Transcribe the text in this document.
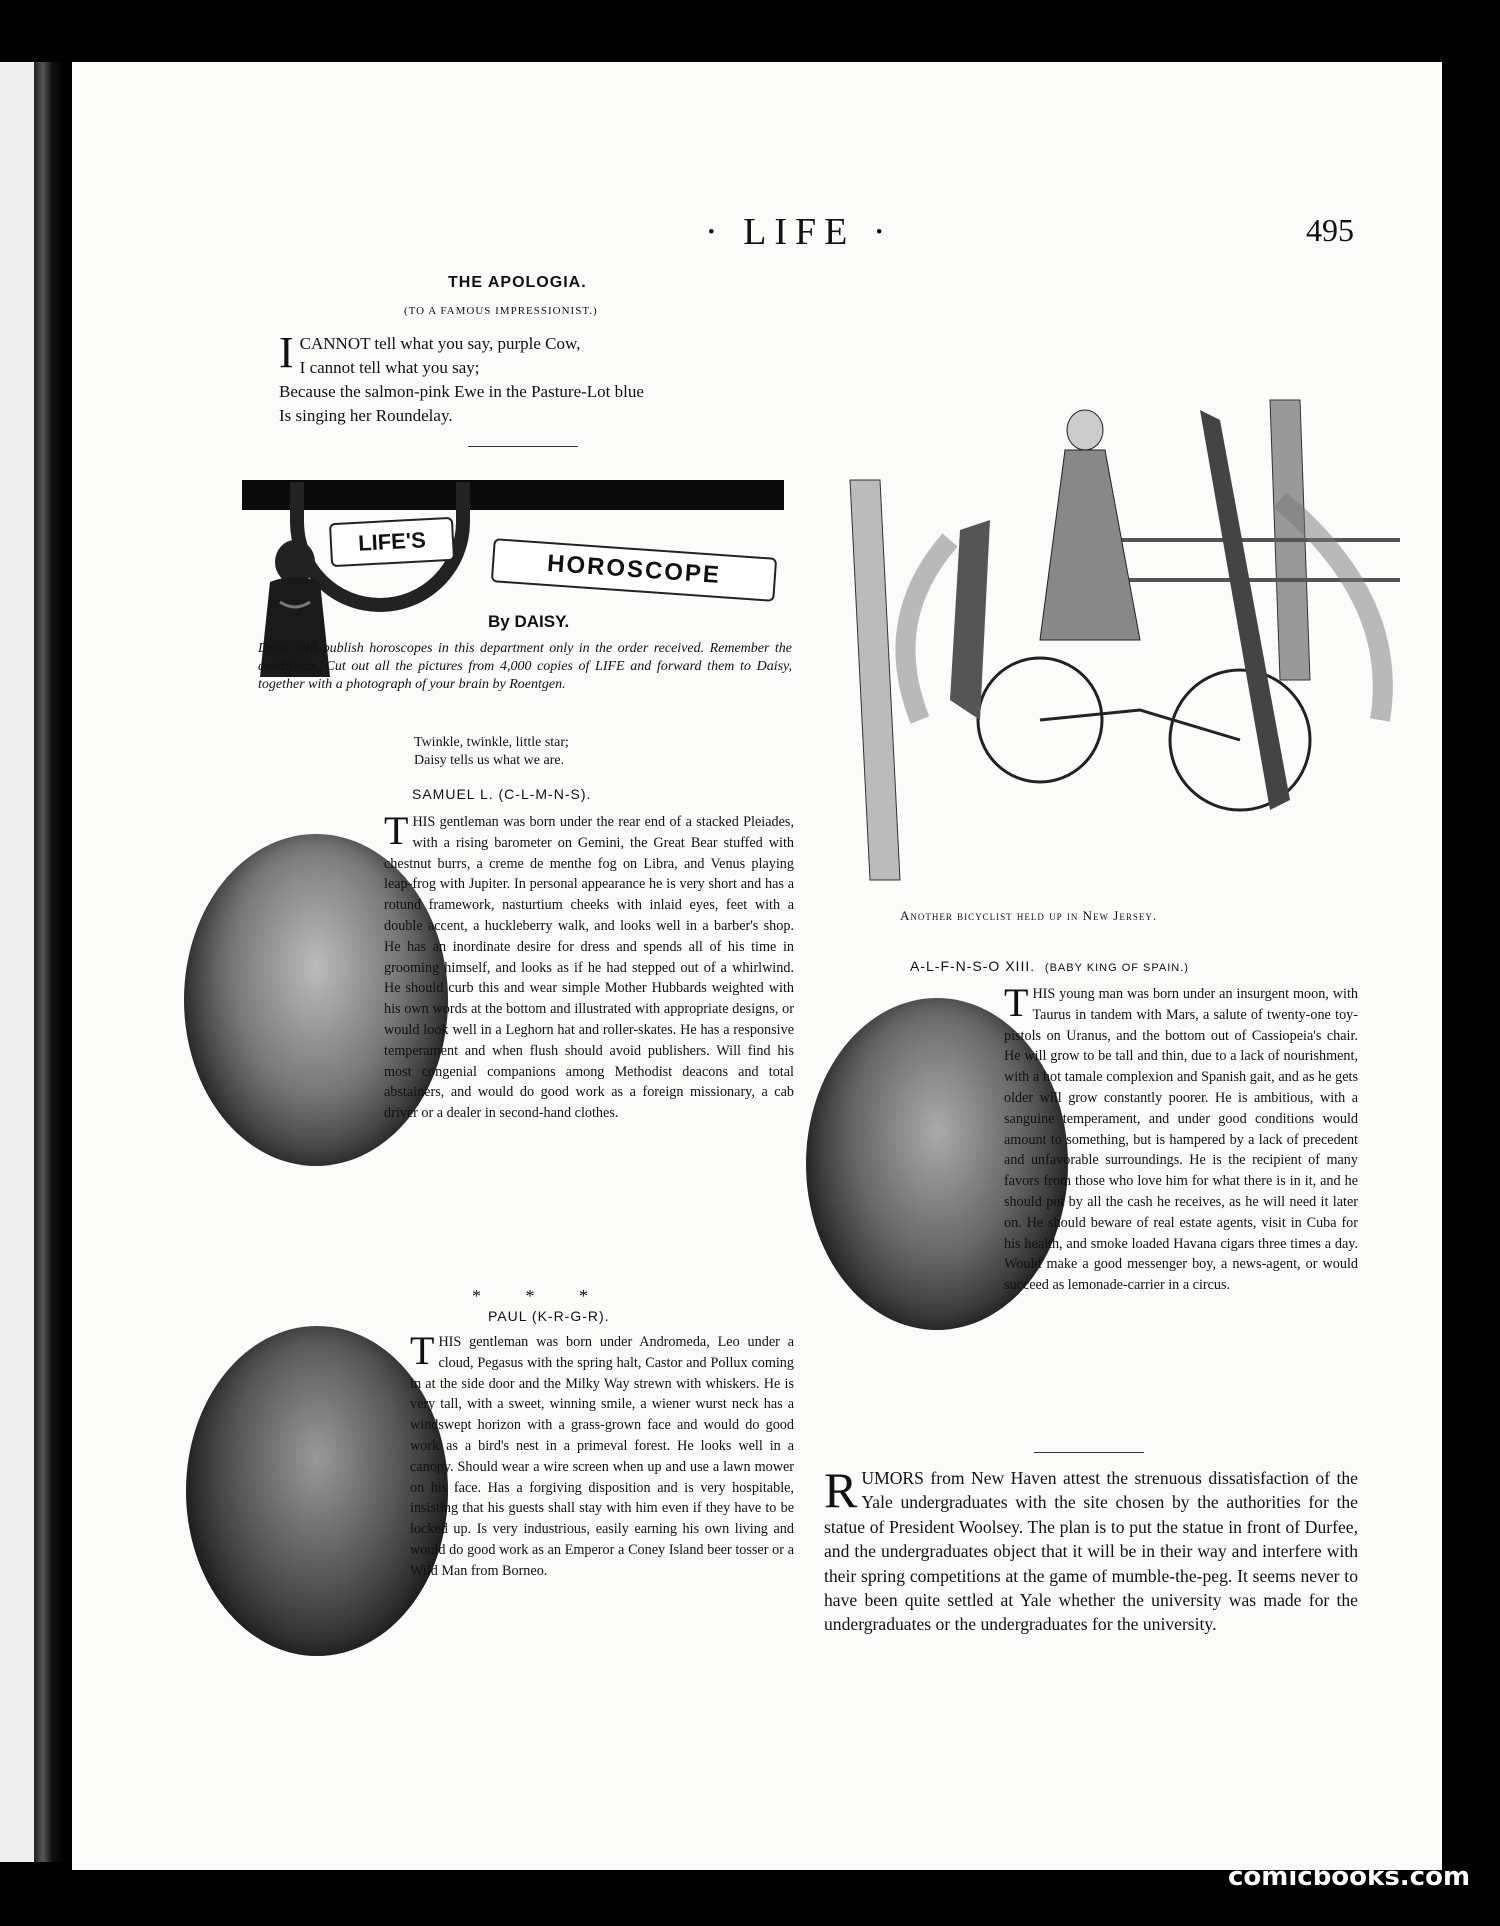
· LIFE ·	495
THE APOLOGIA.
(TO A FAMOUS IMPRESSIONIST.)
I CANNOT tell what you say, purple Cow,
I cannot tell what you say;
Because the salmon-pink Ewe in the Pasture-Lot blue
Is singing her Roundelay.
LIFE'S
HOROSCOPE
By DAISY.
Daisy will publish horoscopes in this department only in the order received. Remember the conditions. Cut out all the pictures from 4,000 copies of LIFE and forward them to Daisy, together with a photograph of your brain by Roentgen.
Twinkle, twinkle, little star;
Daisy tells us what we are.
SAMUEL L. (C-L-M-N-S).
THIS gentleman was born under the rear end of a stacked Pleiades, with a rising barometer on Gemini, the Great Bear stuffed with chestnut burrs, a creme de menthe fog on Libra, and Venus playing leap-frog with Jupiter. In personal appearance he is very short and has a rotund framework, nasturtium cheeks with inlaid eyes, feet with a double accent, a huckleberry walk, and looks well in a barber's shop. He has an inordinate desire for dress and spends all of his time in grooming himself, and looks as if he had stepped out of a whirlwind. He should curb this and wear simple Mother Hubbards weighted with his own words at the bottom and illustrated with appropriate designs, or would look well in a Leghorn hat and roller-skates. He has a responsive temperament and when flush should avoid publishers. Will find his most congenial companions among Methodist deacons and total abstainers, and would do good work as a foreign missionary, a cab driver or a dealer in second-hand clothes.
* * *
PAUL (K-R-G-R).
THIS gentleman was born under Andromeda, Leo under a cloud, Pegasus with the spring halt, Castor and Pollux coming in at the side door and the Milky Way strewn with whiskers. He is very tall, with a sweet, winning smile, a wiener wurst neck has a windswept horizon with a grass-grown face and would do good work as a bird's nest in a primeval forest. He looks well in a canopy. Should wear a wire screen when up and use a lawn mower on his face. Has a forgiving disposition and is very hospitable, insisting that his guests shall stay with him even if they have to be locked up. Is very industrious, easily earning his own living and would do good work as an Emperor a Coney Island beer tosser or a Wild Man from Borneo.
Another bicyclist held up in New Jersey.
A-L-F-N-S-O XIII. (BABY KING OF SPAIN.)
THIS young man was born under an insurgent moon, with Taurus in tandem with Mars, a salute of twenty-one toy-pistols on Uranus, and the bottom out of Cassiopeia's chair. He will grow to be tall and thin, due to a lack of nourishment, with a hot tamale complexion and Spanish gait, and as he gets older will grow constantly poorer. He is ambitious, with a sanguine temperament, and under good conditions would amount to something, but is hampered by a lack of precedent and unfavorable surroundings. He is the recipient of many favors from those who love him for what there is in it, and he should put by all the cash he receives, as he will need it later on. He should beware of real estate agents, visit in Cuba for his health, and smoke loaded Havana cigars three times a day. Would make a good messenger boy, a news-agent, or would succeed as lemonade-carrier in a circus.
RUMORS from New Haven attest the strenuous dissatisfaction of the Yale undergraduates with the site chosen by the authorities for the statue of President Woolsey. The plan is to put the statue in front of Durfee, and the undergraduates object that it will be in their way and interfere with their spring competitions at the game of mumble-the-peg. It seems never to have been quite settled at Yale whether the university was made for the undergraduates or the undergraduates for the university.
comicbooks.com
